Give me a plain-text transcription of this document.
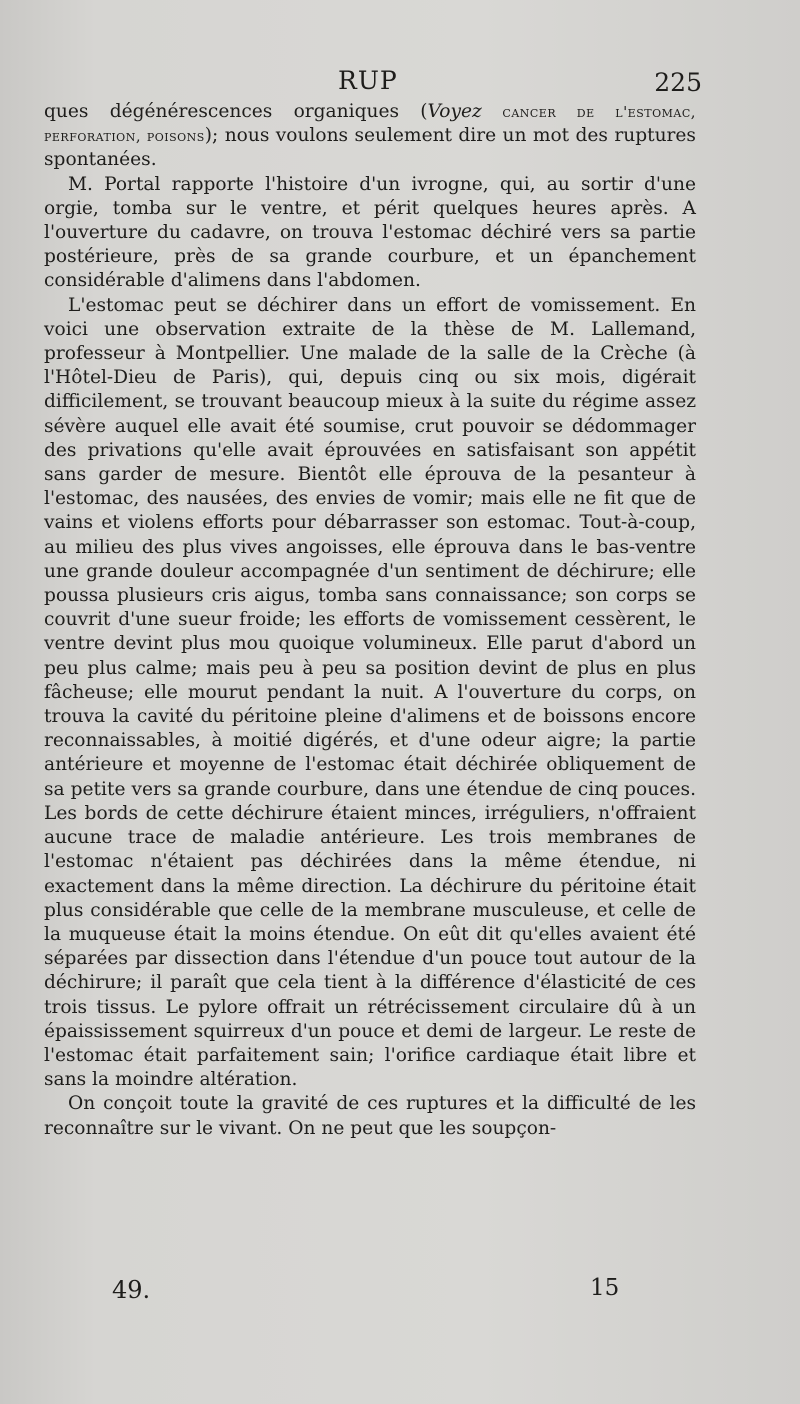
RUP	225

ques dégénérescences organiques (Voyez cancer de l'estomac, perforation, poisons); nous voulons seulement dire un mot des ruptures spontanées.

M. Portal rapporte l'histoire d'un ivrogne, qui, au sortir d'une orgie, tomba sur le ventre, et périt quelques heures après. A l'ouverture du cadavre, on trouva l'estomac déchiré vers sa partie postérieure, près de sa grande courbure, et un épanchement considérable d'alimens dans l'abdomen.

L'estomac peut se déchirer dans un effort de vomissement. En voici une observation extraite de la thèse de M. Lallemand, professeur à Montpellier. Une malade de la salle de la Crèche (à l'Hôtel-Dieu de Paris), qui, depuis cinq ou six mois, digérait difficilement, se trouvant beaucoup mieux à la suite du régime assez sévère auquel elle avait été soumise, crut pouvoir se dédommager des privations qu'elle avait éprouvées en satisfaisant son appétit sans garder de mesure. Bientôt elle éprouva de la pesanteur à l'estomac, des nausées, des envies de vomir; mais elle ne fit que de vains et violens efforts pour débarrasser son estomac. Tout-à-coup, au milieu des plus vives angoisses, elle éprouva dans le bas-ventre une grande douleur accompagnée d'un sentiment de déchirure; elle poussa plusieurs cris aigus, tomba sans connaissance; son corps se couvrit d'une sueur froide; les efforts de vomissement cessèrent, le ventre devint plus mou quoique volumineux. Elle parut d'abord un peu plus calme; mais peu à peu sa position devint de plus en plus fâcheuse; elle mourut pendant la nuit. A l'ouverture du corps, on trouva la cavité du péritoine pleine d'alimens et de boissons encore reconnaissables, à moitié digérés, et d'une odeur aigre; la partie antérieure et moyenne de l'estomac était déchirée obliquement de sa petite vers sa grande courbure, dans une étendue de cinq pouces. Les bords de cette déchirure étaient minces, irréguliers, n'offraient aucune trace de maladie antérieure. Les trois membranes de l'estomac n'étaient pas déchirées dans la même étendue, ni exactement dans la même direction. La déchirure du péritoine était plus considérable que celle de la membrane musculeuse, et celle de la muqueuse était la moins étendue. On eût dit qu'elles avaient été séparées par dissection dans l'étendue d'un pouce tout autour de la déchirure; il paraît que cela tient à la différence d'élasticité de ces trois tissus. Le pylore offrait un rétrécissement circulaire dû à un épaississement squirreux d'un pouce et demi de largeur. Le reste de l'estomac était parfaitement sain; l'orifice cardiaque était libre et sans la moindre altération.

On conçoit toute la gravité de ces ruptures et la difficulté de les reconnaître sur le vivant. On ne peut que les soupçon-

49.	15
